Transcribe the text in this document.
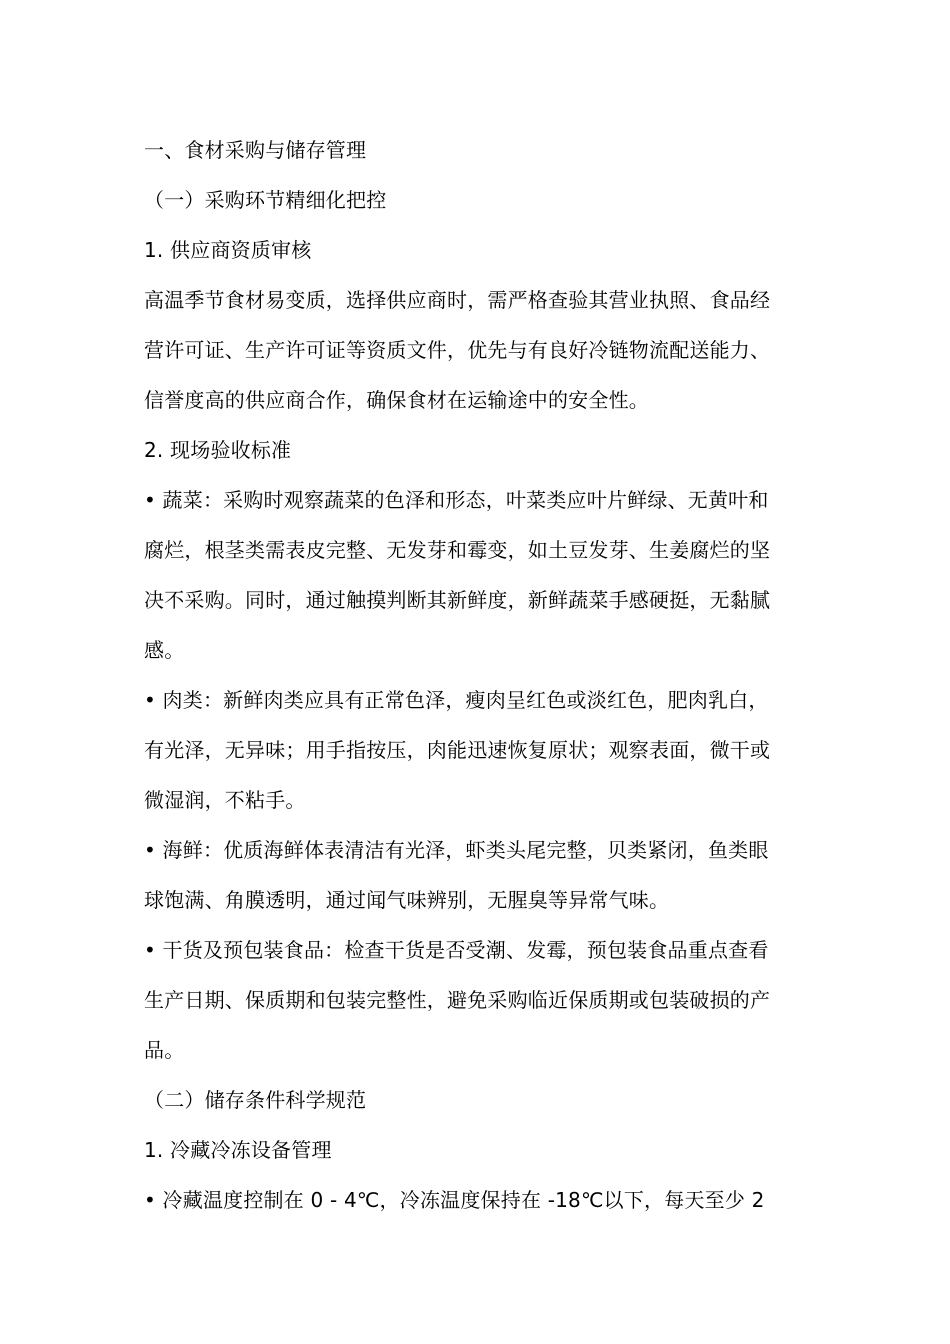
一、食材采购与储存管理
（一）采购环节精细化把控
1. 供应商资质审核
高温季节食材易变质，选择供应商时，需严格查验其营业执照、食品经
营许可证、生产许可证等资质文件，优先与有良好冷链物流配送能力、
信誉度高的供应商合作，确保食材在运输途中的安全性。
2. 现场验收标准
• 蔬菜：采购时观察蔬菜的色泽和形态，叶菜类应叶片鲜绿、无黄叶和
腐烂，根茎类需表皮完整、无发芽和霉变，如土豆发芽、生姜腐烂的坚
决不采购。同时，通过触摸判断其新鲜度，新鲜蔬菜手感硬挺，无黏腻
感。
• 肉类：新鲜肉类应具有正常色泽，瘦肉呈红色或淡红色，肥肉乳白，
有光泽，无异味；用手指按压，肉能迅速恢复原状；观察表面，微干或
微湿润，不粘手。
• 海鲜：优质海鲜体表清洁有光泽，虾类头尾完整，贝类紧闭，鱼类眼
球饱满、角膜透明，通过闻气味辨别，无腥臭等异常气味。
• 干货及预包装食品：检查干货是否受潮、发霉，预包装食品重点查看
生产日期、保质期和包装完整性，避免采购临近保质期或包装破损的产
品。
（二）储存条件科学规范
1. 冷藏冷冻设备管理
• 冷藏温度控制在 0 - 4℃，冷冻温度保持在 -18℃以下，每天至少 2
